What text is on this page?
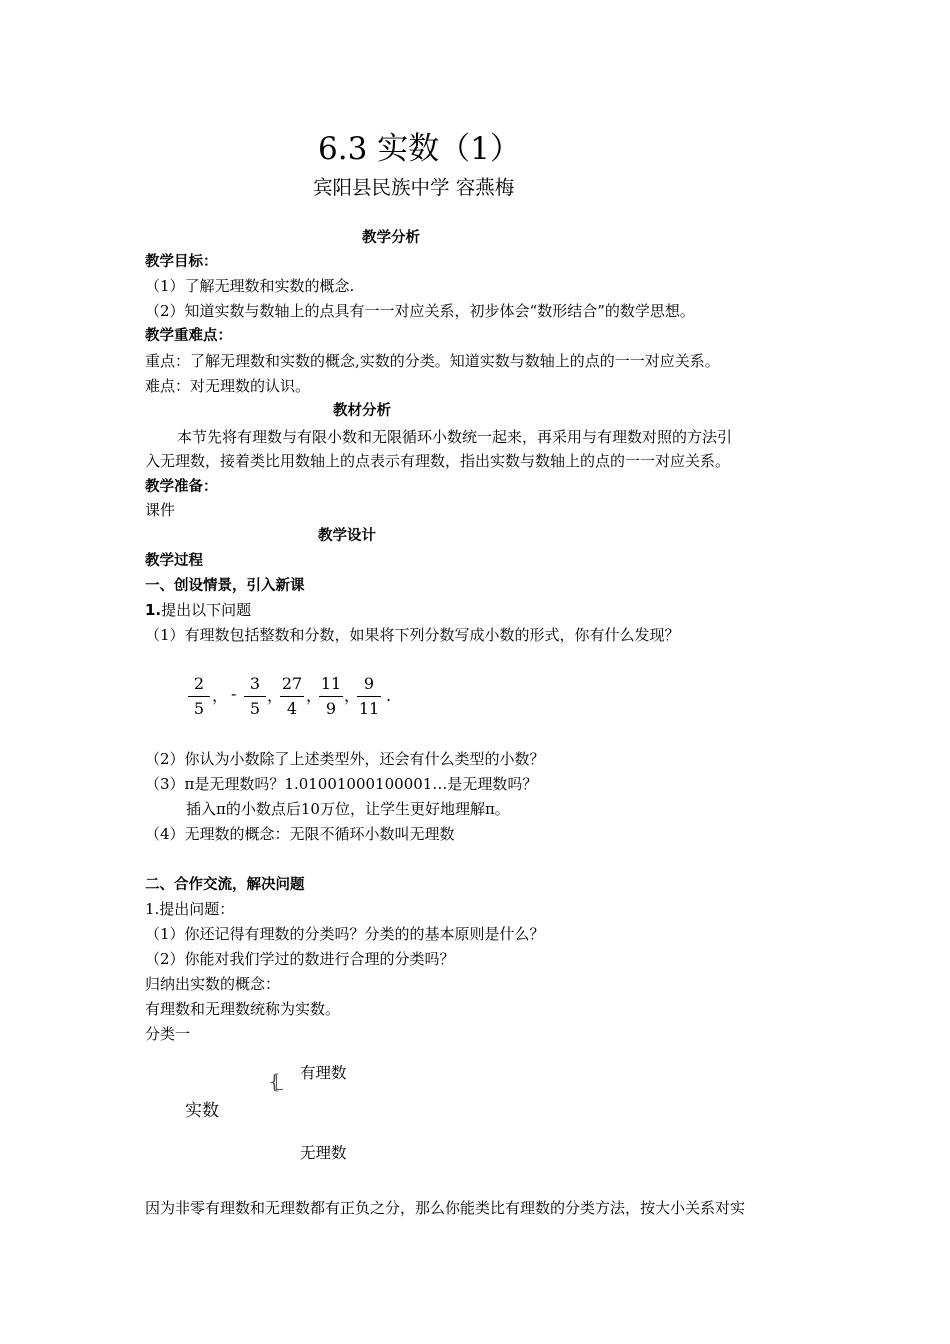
6.3 实数（1）
宾阳县民族中学 容燕梅
教学分析
教学目标：
（1）了解无理数和实数的概念.
（2）知道实数与数轴上的点具有一一对应关系，初步体会“数形结合”的数学思想。
教学重难点：
重点：了解无理数和实数的概念,实数的分类。知道实数与数轴上的点的一一对应关系。
难点：对无理数的认识。
教材分析
本节先将有理数与有限小数和无限循环小数统一起来，再采用与有理数对照的方法引
入无理数，接着类比用数轴上的点表示有理数，指出实数与数轴上的点的一一对应关系。
教学准备：
课件
教学设计
教学过程
一、创设情景，引入新课
1.提出以下问题
（1）有理数包括整数和分数，如果将下列分数写成小数的形式，你有什么发现？
2
5
， -
3
5
，
27
4
，
11
9
，
9
11
.
（2）你认为小数除了上述类型外，还会有什么类型的小数？
（3）π是无理数吗？1.01001000100001…是无理数吗？
插入π的小数点后10万位，让学生更好地理解π。
（4）无理数的概念：无限不循环小数叫无理数
二、合作交流，解决问题
1.提出问题：
（1）你还记得有理数的分类吗？分类的的基本原则是什么？
（2）你能对我们学过的数进行合理的分类吗？
归纳出实数的概念：
有理数和无理数统称为实数。
分类一
实数
{ 有理数
无理数
因为非零有理数和无理数都有正负之分，那么你能类比有理数的分类方法，按大小关系对实
